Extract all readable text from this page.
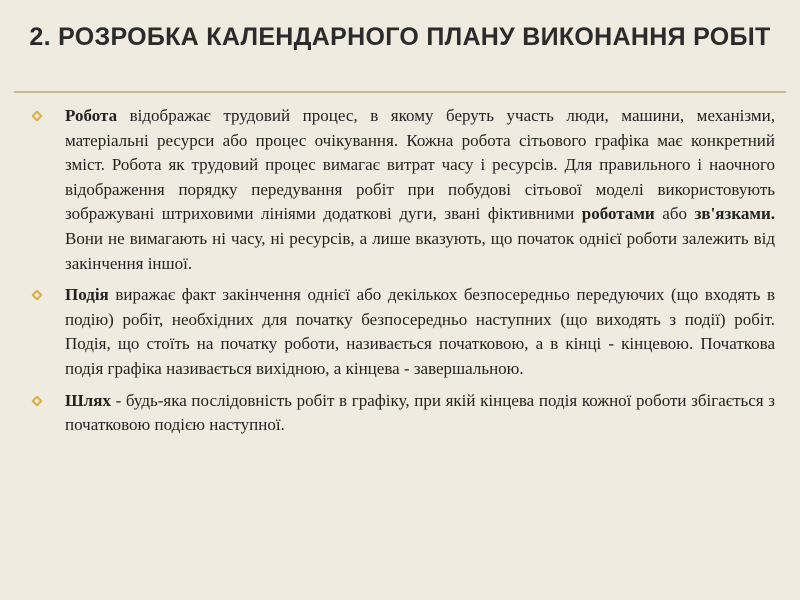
2. РОЗРОБКА КАЛЕНДАРНОГО ПЛАНУ ВИКОНАННЯ РОБІТ
Робота відображає трудовий процес, в якому беруть участь люди, машини, механізми, матеріальні ресурси або процес очікування. Кожна робота сітьового графіка має конкретний зміст. Робота як трудовий процес вимагає витрат часу і ресурсів. Для правильного і наочного відображення порядку передування робіт при побудові сітьової моделі використовують зображувані штриховими лініями додаткові дуги, звані фіктивними роботами або зв'язками. Вони не вимагають ні часу, ні ресурсів, а лише вказують, що початок однієї роботи залежить від закінчення іншої.
Подія виражає факт закінчення однієї або декількох безпосередньо передуючих (що входять в подію) робіт, необхідних для початку безпосередньо наступних (що виходять з події) робіт. Подія, що стоїть на початку роботи, називається початковою, а в кінці - кінцевою. Початкова подія графіка називається вихідною, а кінцева - завершальною.
Шлях - будь-яка послідовність робіт в графіку, при якій кінцева подія кожної роботи збігається з початковою подією наступної.
